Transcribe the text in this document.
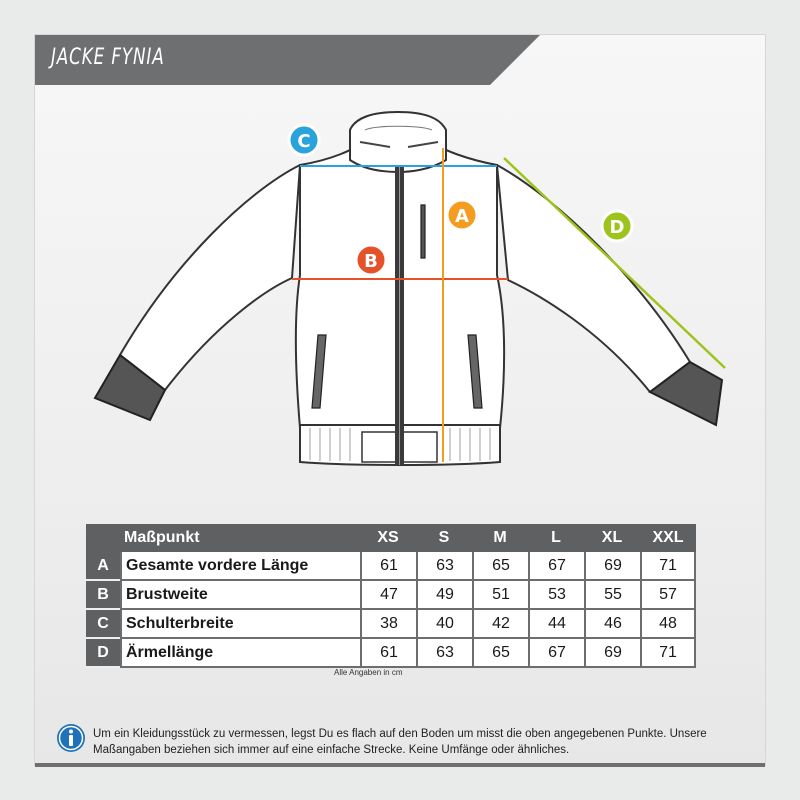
JACKE FYNIA
C
B
A
D
	Maßpunkt	XS	S	M	L	XL	XXL
A	Gesamte vordere Länge	61	63	65	67	69	71
B	Brustweite	47	49	51	53	55	57
C	Schulterbreite	38	40	42	44	46	48
D	Ärmellänge	61	63	65	67	69	71
Alle Angaben in cm
Um ein Kleidungsstück zu vermessen, legst Du es flach auf den Boden um misst die oben angegebenen Punkte. Unsere Maßangaben beziehen sich immer auf eine einfache Strecke. Keine Umfänge oder ähnliches.
